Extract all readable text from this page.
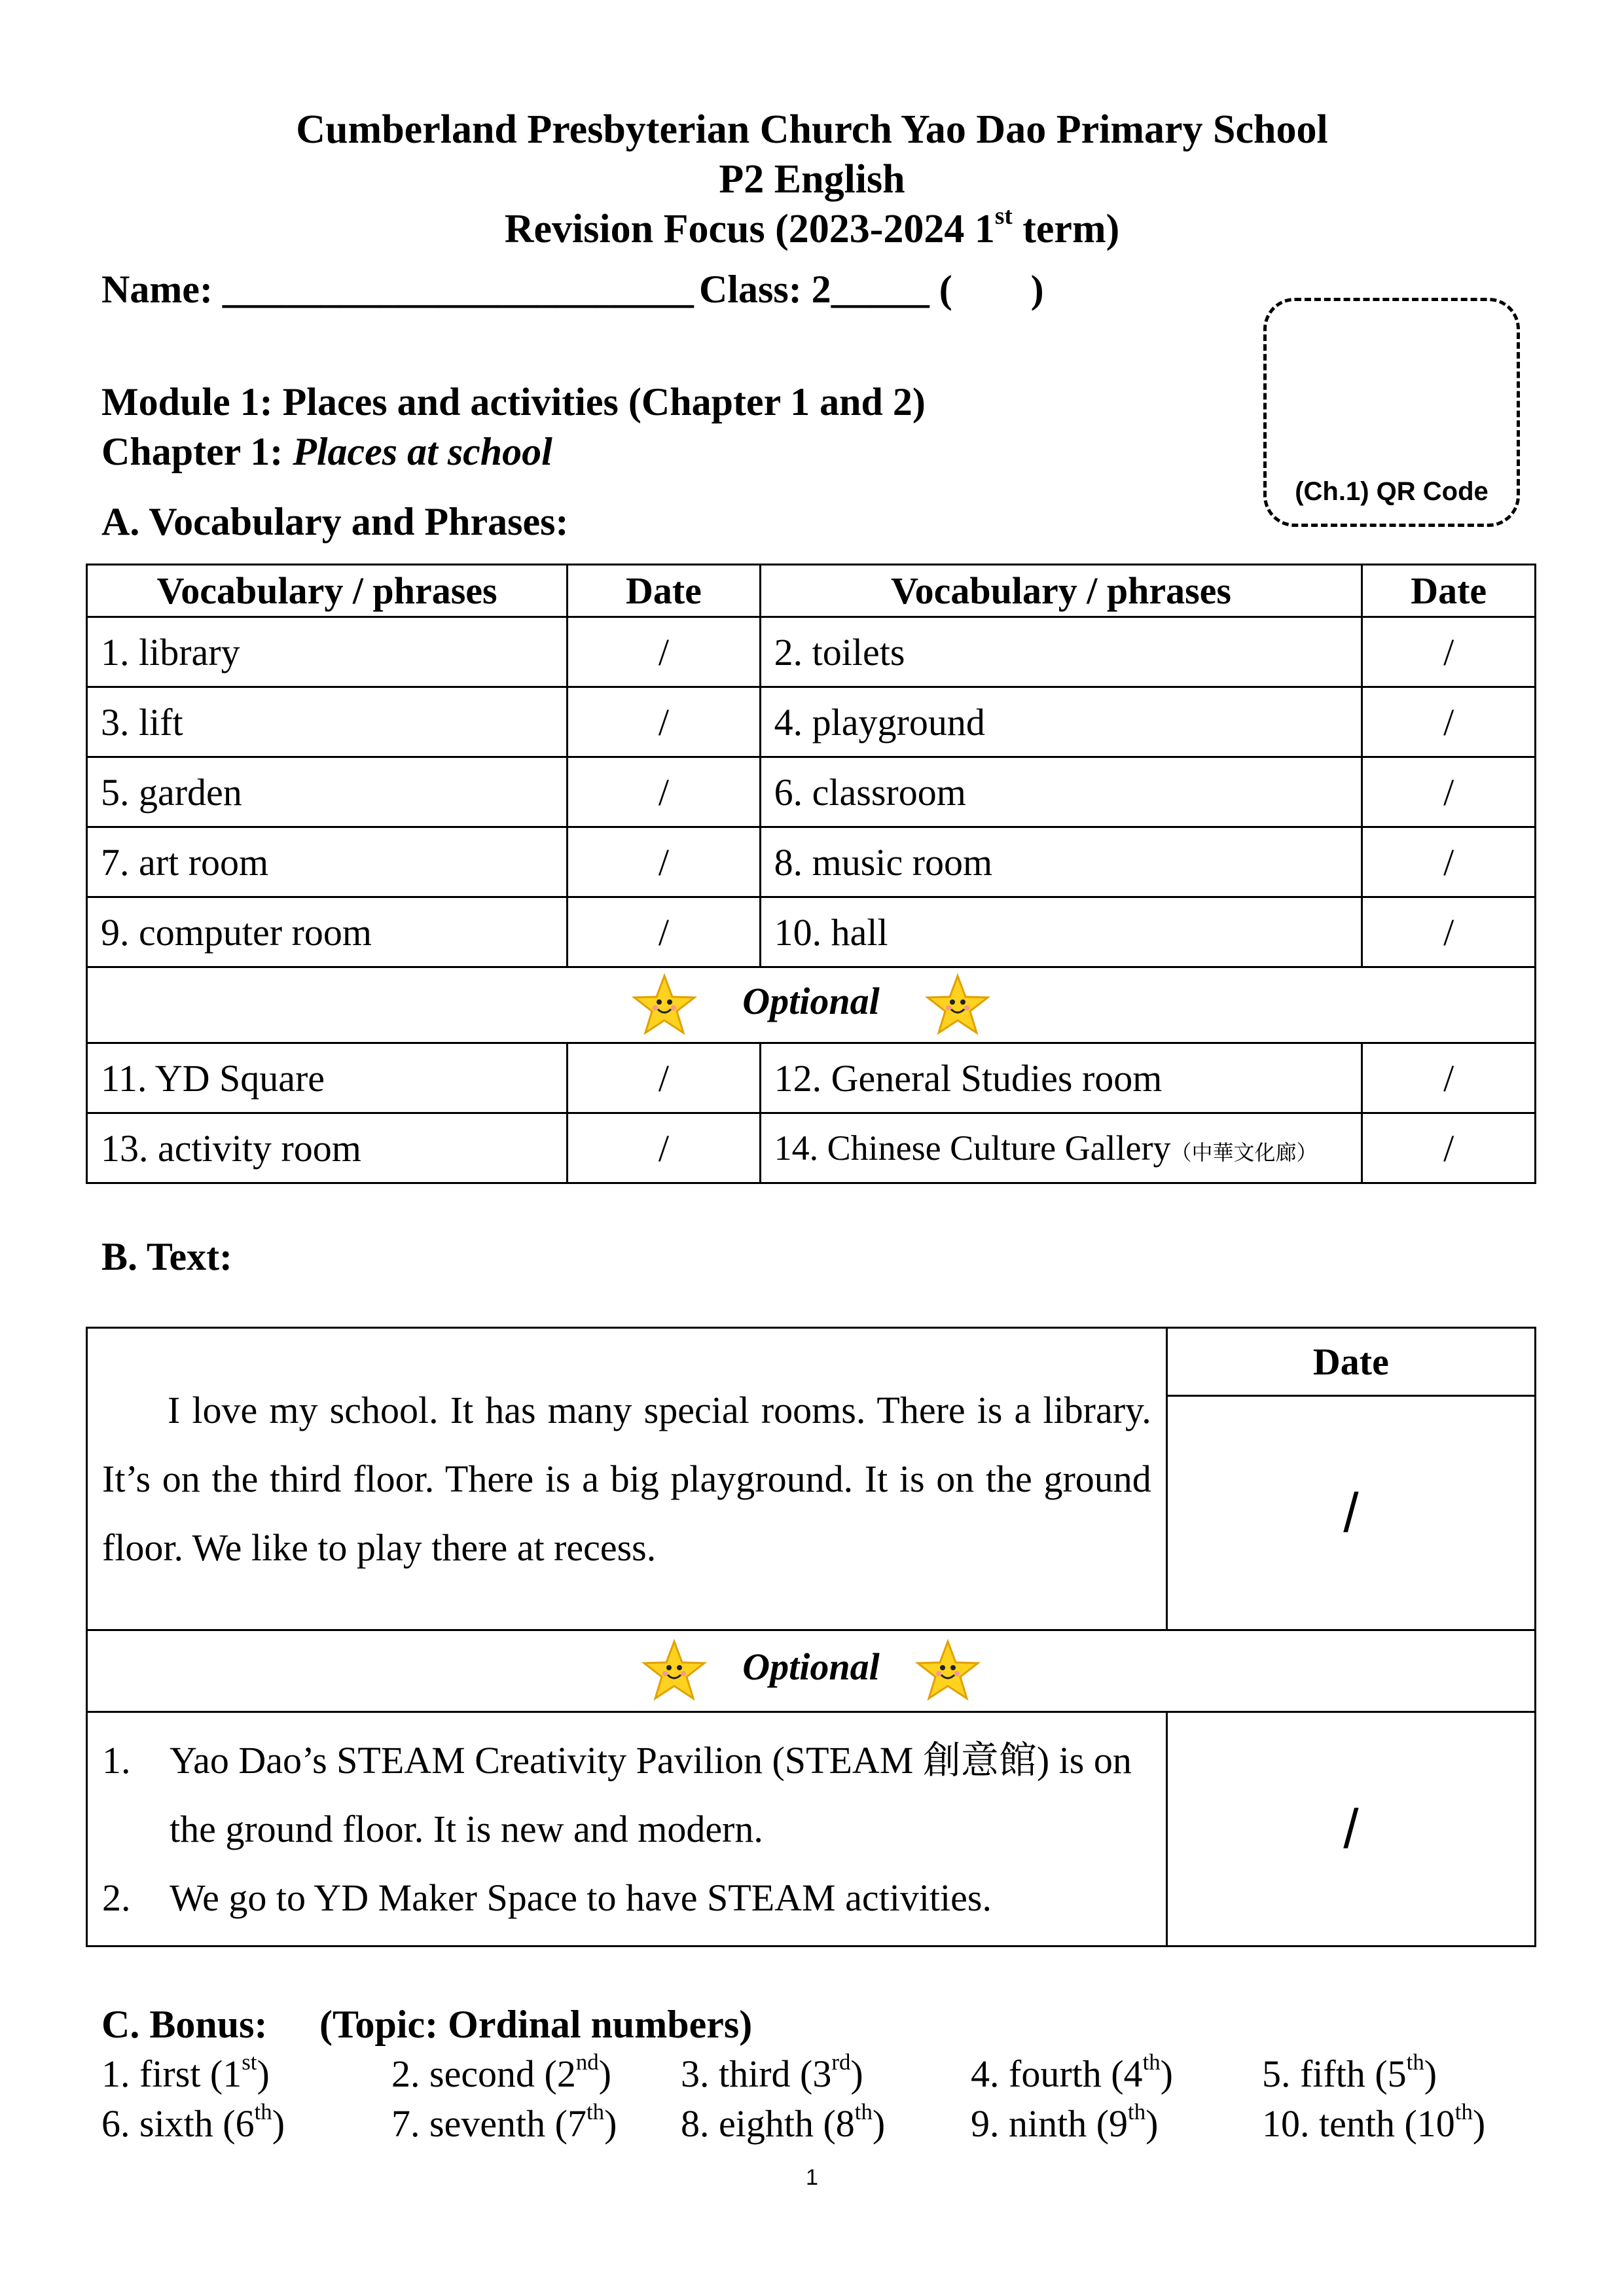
Cumberland Presbyterian Church Yao Dao Primary School
P2 English
Revision Focus (2023-2024 1st term)
Name: ________________________ Class: 2_____ (        )
(Ch.1) QR Code
Module 1: Places and activities (Chapter 1 and 2)
Chapter 1: Places at school
A. Vocabulary and Phrases:
Vocabulary / phrases	Date	Vocabulary / phrases	Date
1. library	/	2. toilets	/
3. lift	/	4. playground	/
5. garden	/	6. classroom	/
7. art room	/	8. music room	/
9. computer room	/	10. hall	/

Optional			

11. YD Square	/	12. General Studies room	/
13. activity room	/	14. Chinese Culture Gallery（中華文化廊）	/
B. Text:
I love my school. It has many special rooms. There is a library. It’s on the third floor. There is a big playground. It is on the ground floor. We like to play there at recess.	Date
	/

Optional	

1. Yao Dao’s STEAM Creativity Pavilion (STEAM 創意館) is on the ground floor. It is new and modern.
2. We go to YD Maker Space to have STEAM activities.	/
C. Bonus: (Topic: Ordinal numbers)
1. first (1st)	2. second (2nd) 3. third (3rd)	4. fourth (4th) 5. fifth (5th)
6. sixth (6th)	7. seventh (7th) 8. eighth (8th) 9. ninth (9th)	10. tenth (10th)
1
